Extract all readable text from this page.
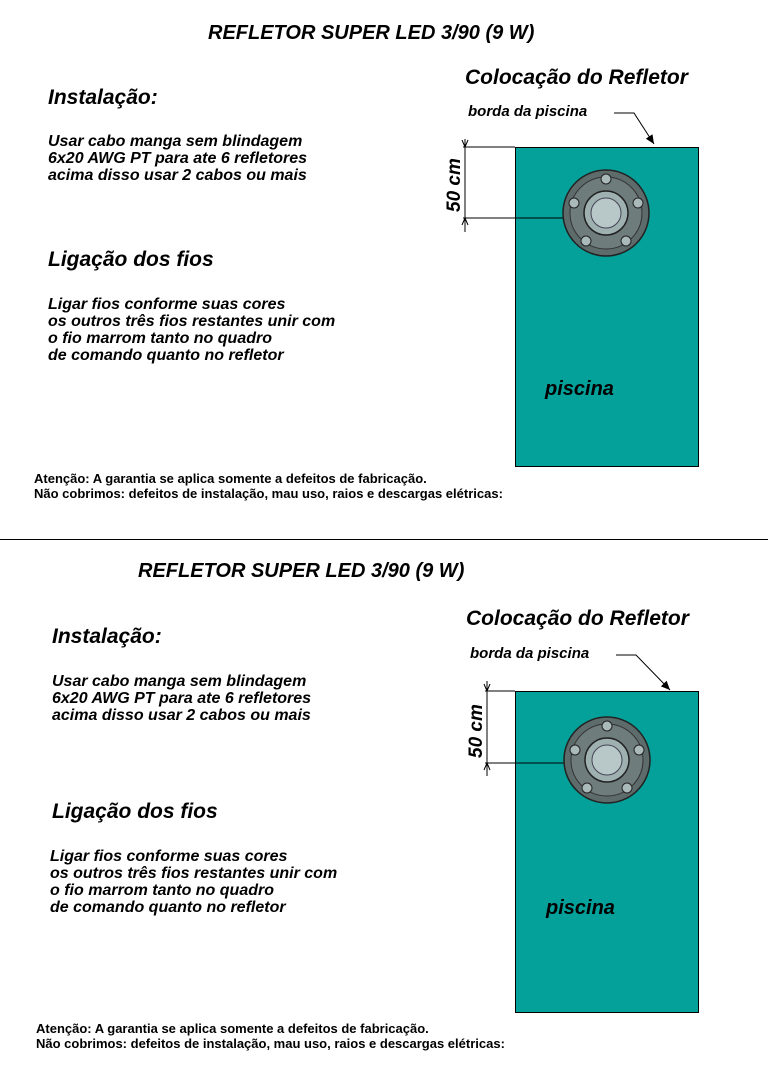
REFLETOR SUPER LED 3/90 (9 W)
Instalação:
Usar cabo manga sem blindagem
6x20 AWG PT para ate 6 refletores
acima disso usar 2 cabos ou mais
Ligação dos fios
Ligar fios conforme suas cores
os outros três fios restantes unir com
o fio marrom tanto no quadro
de comando quanto no refletor
Colocação do Refletor
borda da piscina
piscina
50 cm
Atenção: A garantia se aplica somente a defeitos de fabricação.
Não cobrimos: defeitos de instalação, mau uso, raios e descargas elétricas:
REFLETOR SUPER LED 3/90 (9 W)
Instalação:
Usar cabo manga sem blindagem
6x20 AWG PT para ate 6 refletores
acima disso usar 2 cabos ou mais
Ligação dos fios
Ligar fios conforme suas cores
os outros três fios restantes unir com
o fio marrom tanto no quadro
de comando quanto no refletor
Colocação do Refletor
borda da piscina
piscina
50 cm
Atenção: A garantia se aplica somente a defeitos de fabricação.
Não cobrimos: defeitos de instalação, mau uso, raios e descargas elétricas:
